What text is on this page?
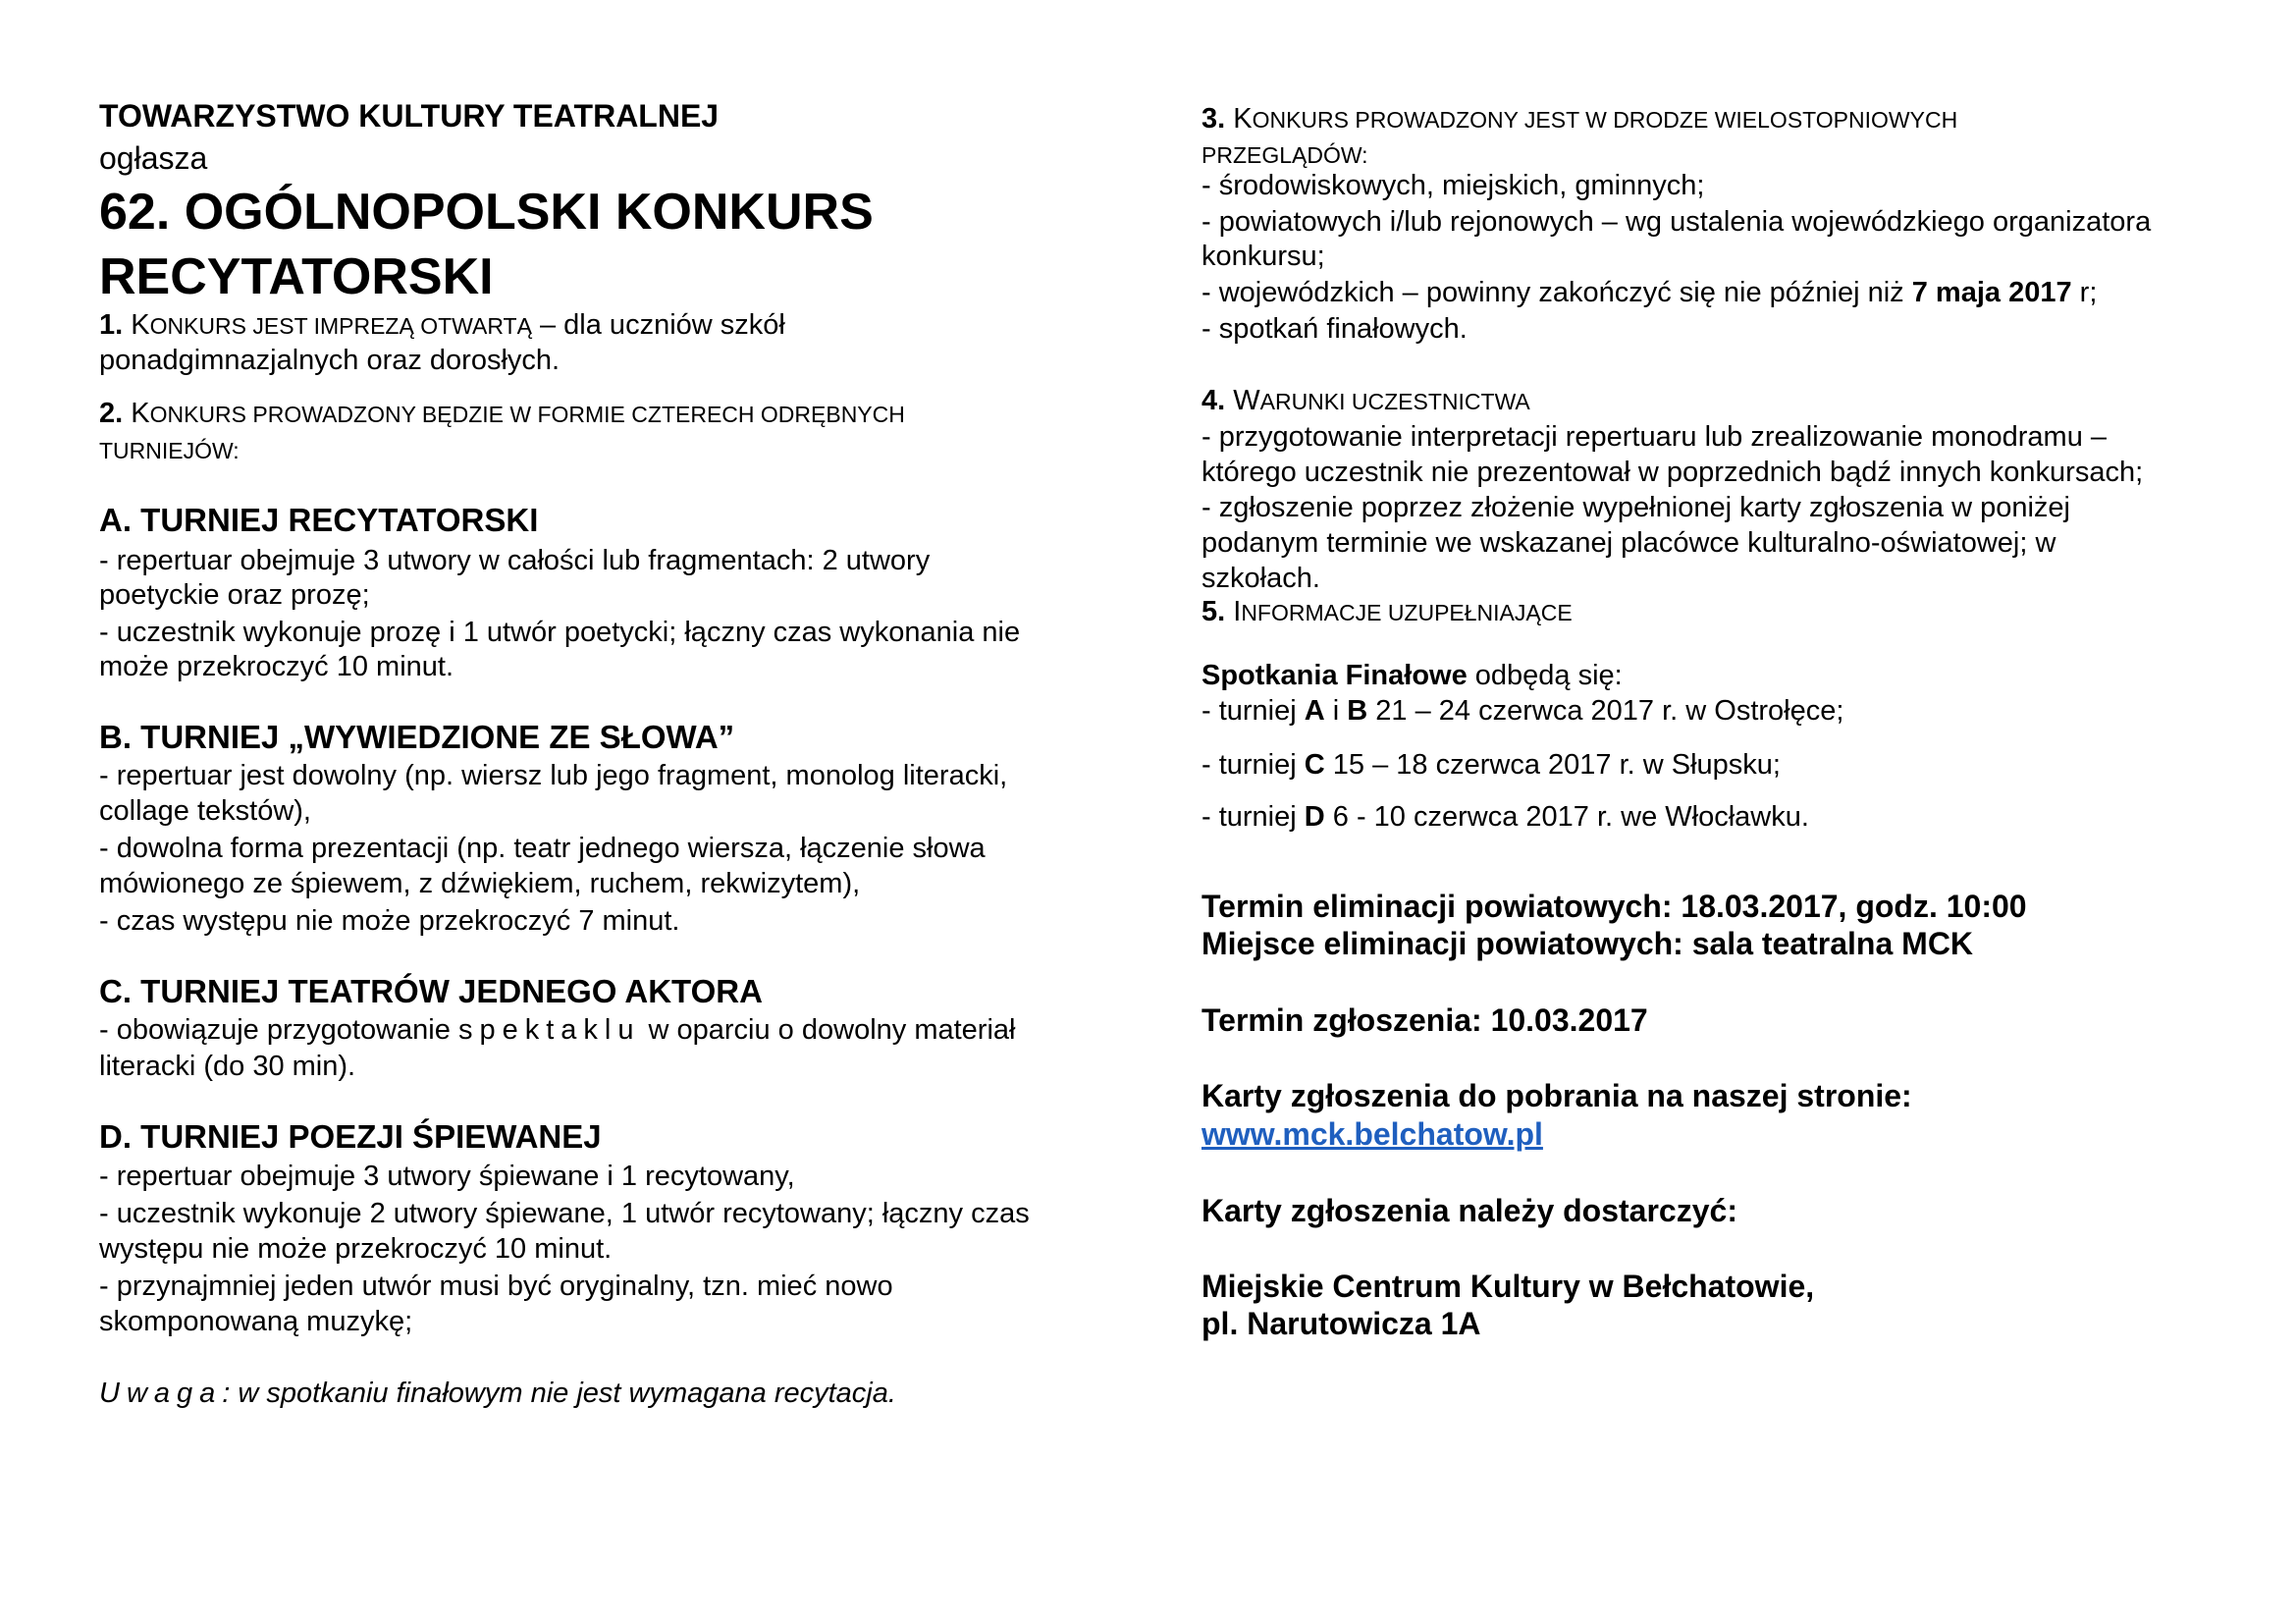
TOWARZYSTWO KULTURY TEATRALNEJ
ogłasza
62. OGÓLNOPOLSKI KONKURS
RECYTATORSKI
1. KONKURS JEST IMPREZĄ OTWARTĄ – dla uczniów szkół
ponadgimnazjalnych oraz dorosłych.
2. KONKURS PROWADZONY BĘDZIE W FORMIE CZTERECH ODRĘBNYCH
TURNIEJÓW:
A. TURNIEJ RECYTATORSKI
- repertuar obejmuje 3 utwory w całości lub fragmentach: 2 utwory
poetyckie oraz prozę;
- uczestnik wykonuje prozę i 1 utwór poetycki; łączny czas wykonania nie
może przekroczyć 10 minut.
B. TURNIEJ „WYWIEDZIONE ZE SŁOWA”
- repertuar jest dowolny (np. wiersz lub jego fragment, monolog literacki,
collage tekstów),
- dowolna forma prezentacji (np. teatr jednego wiersza, łączenie słowa
mówionego ze śpiewem, z dźwiękiem, ruchem, rekwizytem),
- czas występu nie może przekroczyć 7 minut.
C. TURNIEJ TEATRÓW JEDNEGO AKTORA
- obowiązuje przygotowanie spektaklu w oparciu o dowolny materiał
literacki (do 30 min).
D. TURNIEJ POEZJI ŚPIEWANEJ
- repertuar obejmuje 3 utwory śpiewane i 1 recytowany,
- uczestnik wykonuje 2 utwory śpiewane, 1 utwór recytowany; łączny czas
występu nie może przekroczyć 10 minut.
- przynajmniej jeden utwór musi być oryginalny, tzn. mieć nowo
skomponowaną muzykę;
Uwaga: w spotkaniu finałowym nie jest wymagana recytacja.
3. KONKURS PROWADZONY JEST W DRODZE WIELOSTOPNIOWYCH
PRZEGLĄDÓW:
- środowiskowych, miejskich, gminnych;
- powiatowych i/lub rejonowych – wg ustalenia wojewódzkiego organizatora
konkursu;
- wojewódzkich – powinny zakończyć się nie później niż 7 maja 2017 r;
- spotkań finałowych.
4. WARUNKI UCZESTNICTWA
- przygotowanie interpretacji repertuaru lub zrealizowanie monodramu –
którego uczestnik nie prezentował w poprzednich bądź innych konkursach;
- zgłoszenie poprzez złożenie wypełnionej karty zgłoszenia w poniżej
podanym terminie we wskazanej placówce kulturalno-oświatowej; w
szkołach.
5. INFORMACJE UZUPEŁNIAJĄCE
Spotkania Finałowe odbędą się:
- turniej A i B 21 – 24 czerwca 2017 r. w Ostrołęce;
- turniej C 15 – 18 czerwca 2017 r. w Słupsku;
- turniej D 6 - 10 czerwca 2017 r. we Włocławku.
Termin eliminacji powiatowych: 18.03.2017, godz. 10:00
Miejsce eliminacji powiatowych: sala teatralna MCK
Termin zgłoszenia: 10.03.2017
Karty zgłoszenia do pobrania na naszej stronie:
www.mck.belchatow.pl
Karty zgłoszenia należy dostarczyć:
Miejskie Centrum Kultury w Bełchatowie,
pl. Narutowicza 1A
